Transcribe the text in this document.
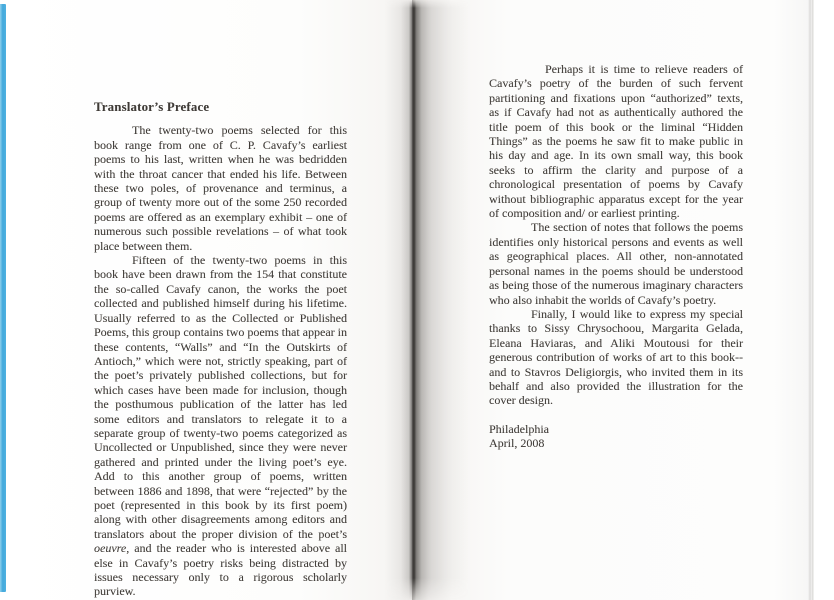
Translator’s Preface

The twenty-two poems selected for this book range from one of C. P. Cavafy’s earliest poems to his last, written when he was bedridden with the throat cancer that ended his life. Between these two poles, of provenance and terminus, a group of twenty more out of the some 250 recorded poems are offered as an exemplary exhibit – one of numerous such possible revelations – of what took place between them.

Fifteen of the twenty-two poems in this book have been drawn from the 154 that constitute the so-called Cavafy canon, the works the poet collected and published himself during his lifetime. Usually referred to as the Collected or Published Poems, this group contains two poems that appear in these contents, “Walls” and “In the Outskirts of Antioch,” which were not, strictly speaking, part of the poet’s privately published collections, but for which cases have been made for inclusion, though the posthumous publication of the latter has led some editors and translators to relegate it to a separate group of twenty-two poems categorized as Uncollected or Unpublished, since they were never gathered and printed under the living poet’s eye. Add to this another group of poems, written between 1886 and 1898, that were “rejected” by the poet (represented in this book by its first poem) along with other disagreements among editors and translators about the proper division of the poet’s oeuvre, and the reader who is interested above all else in Cavafy’s poetry risks being distracted by issues necessary only to a rigorous scholarly purview.

Perhaps it is time to relieve readers of Cavafy’s poetry of the burden of such fervent partitioning and fixations upon “authorized” texts, as if Cavafy had not as authentically authored the title poem of this book or the liminal “Hidden Things” as the poems he saw fit to make public in his day and age. In its own small way, this book seeks to affirm the clarity and purpose of a chronological presentation of poems by Cavafy without bibliographic apparatus except for the year of composition and/ or earliest printing.

The section of notes that follows the poems identifies only historical persons and events as well as geographical places. All other, non-annotated personal names in the poems should be understood as being those of the numerous imaginary characters who also inhabit the worlds of Cavafy’s poetry.

Finally, I would like to express my special thanks to Sissy Chrysochoou, Margarita Gelada, Eleana Haviaras, and Aliki Moutousi for their generous contribution of works of art to this book-- and to Stavros Deligiorgis, who invited them in its behalf and also provided the illustration for the cover design.

Philadelphia
April, 2008
